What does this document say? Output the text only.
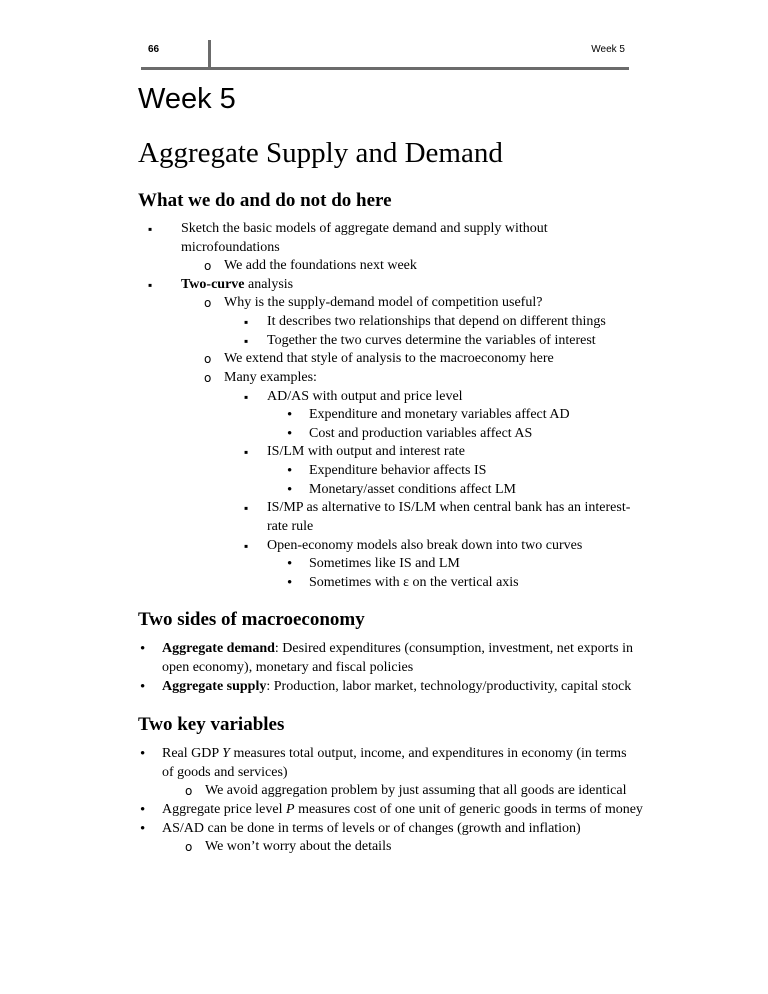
66	Week 5
Week 5
Aggregate Supply and Demand
What we do and do not do here
▪
Sketch the basic models of aggregate demand and supply without
microfoundations
o
We add the foundations next week
▪
Two-curve analysis
o
Why is the supply-demand model of competition useful?
▪
It describes two relationships that depend on different things
▪
Together the two curves determine the variables of interest
o
We extend that style of analysis to the macroeconomy here
o
Many examples:
▪
AD/AS with output and price level
•
Expenditure and monetary variables affect AD
•
Cost and production variables affect AS
▪
IS/LM with output and interest rate
•
Expenditure behavior affects IS
•
Monetary/asset conditions affect LM
▪
IS/MP as alternative to IS/LM when central bank has an interest-
rate rule
▪
Open-economy models also break down into two curves
•
Sometimes like IS and LM
•
Sometimes with ε on the vertical axis
Two sides of macroeconomy
•
Aggregate demand: Desired expenditures (consumption, investment, net exports in
open economy), monetary and fiscal policies
•
Aggregate supply: Production, labor market, technology/productivity, capital stock
Two key variables
•
Real GDP Y measures total output, income, and expenditures in economy (in terms
of goods and services)
o
We avoid aggregation problem by just assuming that all goods are identical
•
Aggregate price level P measures cost of one unit of generic goods in terms of money
•
AS/AD can be done in terms of levels or of changes (growth and inflation)
o
We won’t worry about the details
